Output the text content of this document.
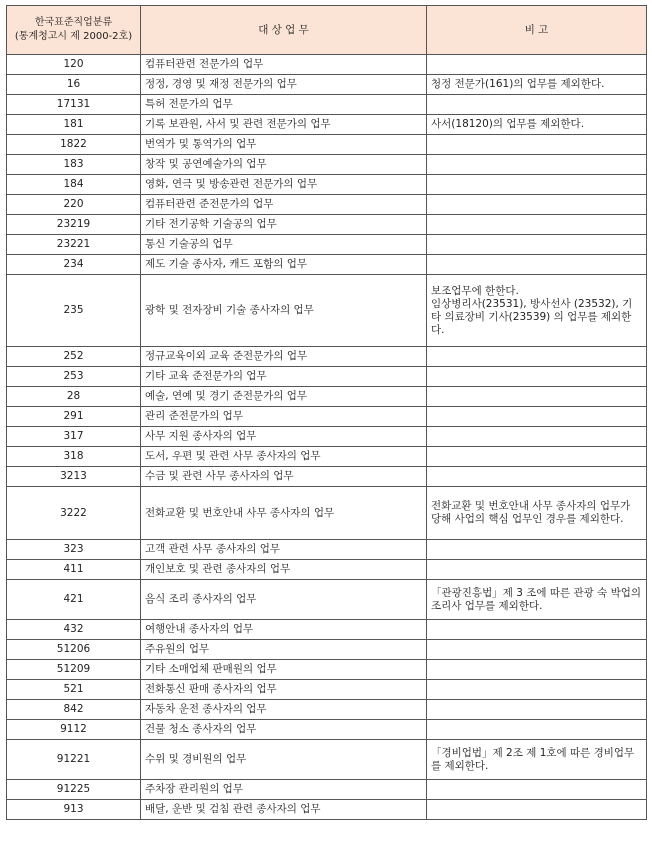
한국표준직업분류
(통계청고시 제 2000-2호)	대 상 업 무	비 고
120	컴퓨터관련 전문가의 업무	
16	정정, 경영 및 재정 전문가의 업무	청정 전문가(161)의 업무를 제외한다.
17131	특허 전문가의 업무	
181	기록 보관원, 사서 및 관련 전문가의 업무	사서(18120)의 업무를 제외한다.
1822	번역가 및 통역가의 업무	
183	창작 및 공연예술가의 업무	
184	영화, 연극 및 방송관련 전문가의 업무	
220	컴퓨터관련 준전문가의 업무	
23219	기타 전기공학 기술공의 업무	
23221	통신 기술공의 업무	
234	제도 기술 종사자, 캐드 포함의 업무	
235	광학 및 전자장비 기술 종사자의 업무	보조업무에 한한다.
임상병리사(23531), 방사선사 (23532), 기타 의료장비 기사(23539) 의 업무를 제외한다.
252	정규교육이외 교육 준전문가의 업무	
253	기타 교육 준전문가의 업무	
28	예술, 연예 및 경기 준전문가의 업무	
291	관리 준전문가의 업무	
317	사무 지원 종사자의 업무	
318	도서, 우편 및 관련 사무 종사자의 업무	
3213	수금 및 관련 사무 종사자의 업무	
3222	전화교환 및 번호안내 사무 종사자의 업무	전화교환 및 번호안내 사무 종사자의 업무가 당해 사업의 핵심 업무인 경우를 제외한다.
323	고객 관련 사무 종사자의 업무	
411	개인보호 및 관련 종사자의 업무	
421	음식 조리 종사자의 업무	「관광진흥법」제 3 조에 따른 관광 숙 박업의 조리사 업무를 제외한다.
432	여행안내 종사자의 업무	
51206	주유원의 업무	
51209	기타 소매업체 판매원의 업무	
521	전화통신 판매 종사자의 업무	
842	자동차 운전 종사자의 업무	
9112	건물 청소 종사자의 업무	
91221	수위 및 경비원의 업무	「경비업법」제 2조 제 1호에 따른 경비업무를 제외한다.
91225	주차장 관리원의 업무	
913	배달, 운반 및 검침 관련 종사자의 업무	
